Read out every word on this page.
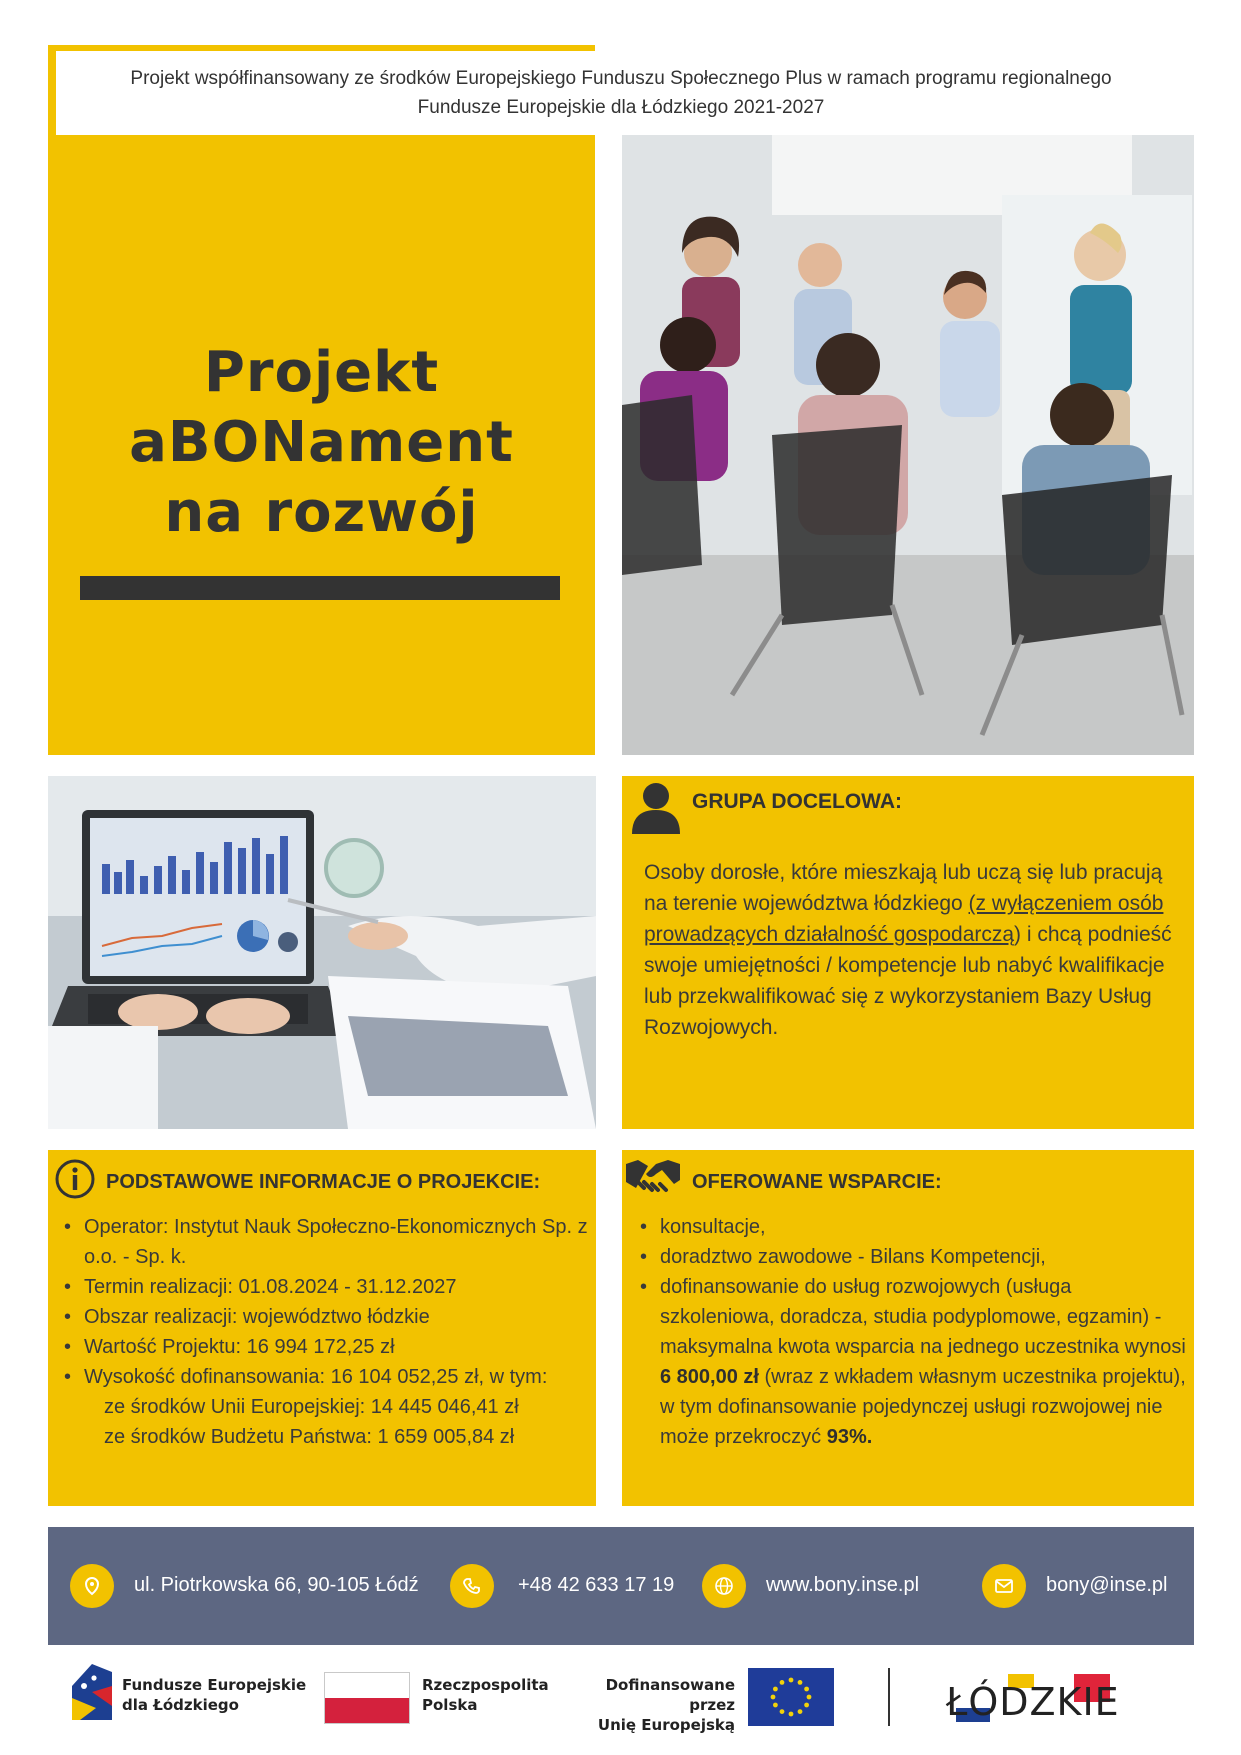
Projekt współfinansowany ze środków Europejskiego Funduszu Społecznego Plus w ramach programu regionalnego
Fundusze Europejskie dla Łódzkiego 2021-2027
Projekt
aBONament
na rozwój
GRUPA DOCELOWA:
Osoby dorosłe, które mieszkają lub uczą się lub pracują na terenie województwa łódzkiego (z wyłączeniem osób prowadzących działalność gospodarczą) i chcą podnieść swoje umiejętności / kompetencje lub nabyć kwalifikacje lub przekwalifikować się z wykorzystaniem Bazy Usług Rozwojowych.
PODSTAWOWE INFORMACJE O PROJEKCIE:
• Operator: Instytut Nauk Społeczno-Ekonomicznych Sp. z o.o. - Sp. k.
• Termin realizacji: 01.08.2024 - 31.12.2027
• Obszar realizacji: województwo łódzkie
• Wartość Projektu: 16 994 172,25 zł
• Wysokość dofinansowania: 16 104 052,25 zł, w tym:
ze środków Unii Europejskiej: 14 445 046,41 zł
ze środków Budżetu Państwa: 1 659 005,84 zł
OFEROWANE WSPARCIE:
• konsultacje,
• doradztwo zawodowe - Bilans Kompetencji,
• dofinansowanie do usług rozwojowych (usługa szkoleniowa, doradcza, studia podyplomowe, egzamin) - maksymalna kwota wsparcia na jednego uczestnika wynosi 6 800,00 zł (wraz z wkładem własnym uczestnika projektu), w tym dofinansowanie pojedynczej usługi rozwojowej nie może przekroczyć 93%.
ul. Piotrkowska 66, 90-105 Łódź	+48 42 633 17 19	www.bony.inse.pl	bony@inse.pl
Fundusze Europejskie
dla Łódzkiego
Rzeczpospolita
Polska
Dofinansowane przez
Unię Europejską
ŁÓDZKIE
